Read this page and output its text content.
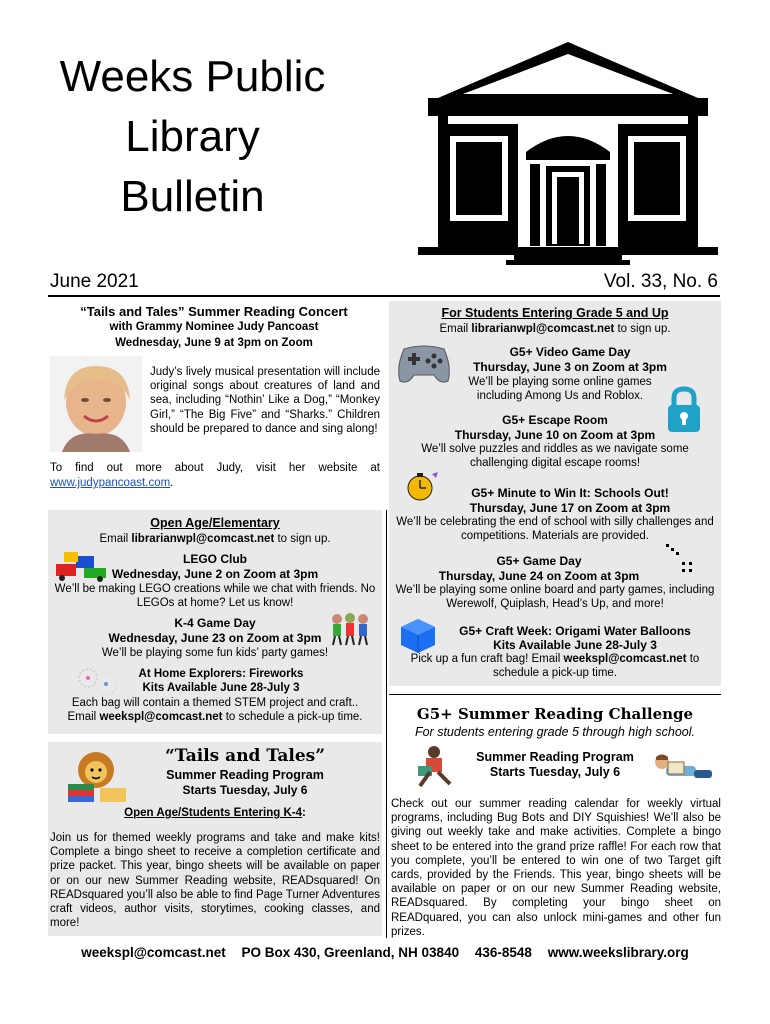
Weeks Public
Library
Bulletin
June 2021	Vol. 33, No. 6
“Tails and Tales” Summer Reading Concert
with Grammy Nominee Judy Pancoast
Wednesday, June 9 at 3pm on Zoom
Judy’s lively musical presentation will include original songs about creatures of land and sea, including “Nothin’ Like a Dog,” “Monkey Girl,” “The Big Five” and “Sharks.” Children should be prepared to dance and sing along!
To find out more about Judy, visit her website at
www.judypancoast.com.
Open Age/Elementary
Email librarianwpl@comcast.net to sign up.
LEGO Club
Wednesday, June 2 on Zoom at 3pm
We’ll be making LEGO creations while we chat with friends. No LEGOs at home? Let us know!
K-4 Game Day
Wednesday, June 23 on Zoom at 3pm
We’ll be playing some fun kids’ party games!
At Home Explorers: Fireworks
Kits Available June 28-July 3
Each bag will contain a themed STEM project and craft..
Email weekspl@comcast.net to schedule a pick-up time.
“Tails and Tales”
Summer Reading Program
Starts Tuesday, July 6
Open Age/Students Entering K-4:
Join us for themed weekly programs and take and make kits! Complete a bingo sheet to receive a completion certificate and prize packet. This year, bingo sheets will be available on paper or on our new Summer Reading website, READsquared! On READsquared you’ll also be able to find Page Turner Adventures craft videos, author visits, storytimes, cooking classes, and more!
For Students Entering Grade 5 and Up
Email librarianwpl@comcast.net to sign up.
G5+ Video Game Day
Thursday, June 3 on Zoom at 3pm
We’ll be playing some online games including Among Us and Roblox.
G5+ Escape Room
Thursday, June 10 on Zoom at 3pm
We’ll solve puzzles and riddles as we navigate some challenging digital escape rooms!
G5+ Minute to Win It: Schools Out!
Thursday, June 17 on Zoom at 3pm
We’ll be celebrating the end of school with silly challenges and competitions. Materials are provided.
G5+ Game Day
Thursday, June 24 on Zoom at 3pm
We’ll be playing some online board and party games, including Werewolf, Quiplash, Head’s Up, and more!
G5+ Craft Week: Origami Water Balloons
Kits Available June 28-July 3
Pick up a fun craft bag! Email weekspl@comcast.net to schedule a pick-up time.
G5+ Summer Reading Challenge
For students entering grade 5 through high school.
Summer Reading Program
Starts Tuesday, July 6
Check out our summer reading calendar for weekly virtual programs, including Bug Bots and DIY Squishies! We’ll also be giving out weekly take and make activities. Complete a bingo sheet to be entered into the grand prize raffle! For each row that you complete, you’ll be entered to win one of two Target gift cards, provided by the Friends. This year, bingo sheets will be available on paper or on our new Summer Reading website, READsquared. By completing your bingo sheet on READquared, you can also unlock mini-games and other fun prizes.
weekspl@comcast.net PO Box 430, Greenland, NH 03840 436-8548 www.weekslibrary.org
